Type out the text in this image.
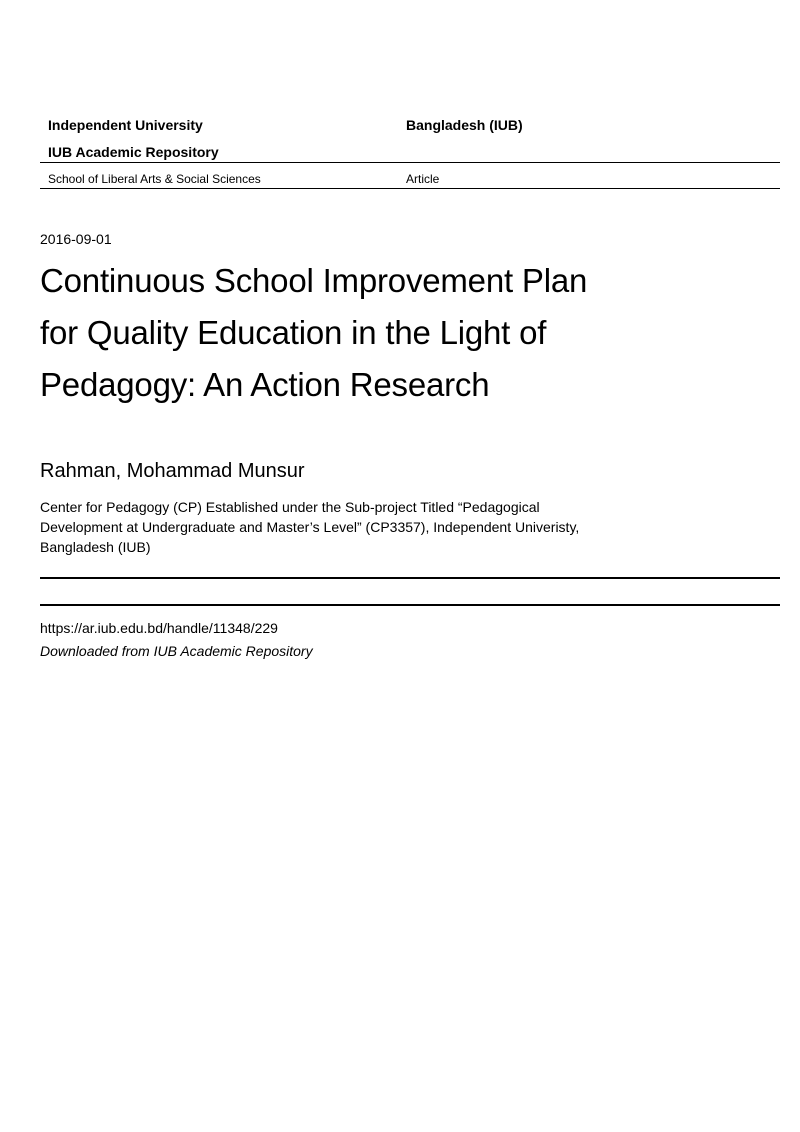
Independent University	Bangladesh (IUB)
IUB Academic Repository
School of Liberal Arts & Social Sciences	Article
2016-09-01
Continuous School Improvement Plan
for Quality Education in the Light of
Pedagogy: An Action Research
Rahman, Mohammad Munsur
Center for Pedagogy (CP) Established under the Sub-project Titled “Pedagogical
Development at Undergraduate and Master’s Level” (CP3357), Independent Univeristy,
Bangladesh (IUB)
https://ar.iub.edu.bd/handle/11348/229
Downloaded from IUB Academic Repository
